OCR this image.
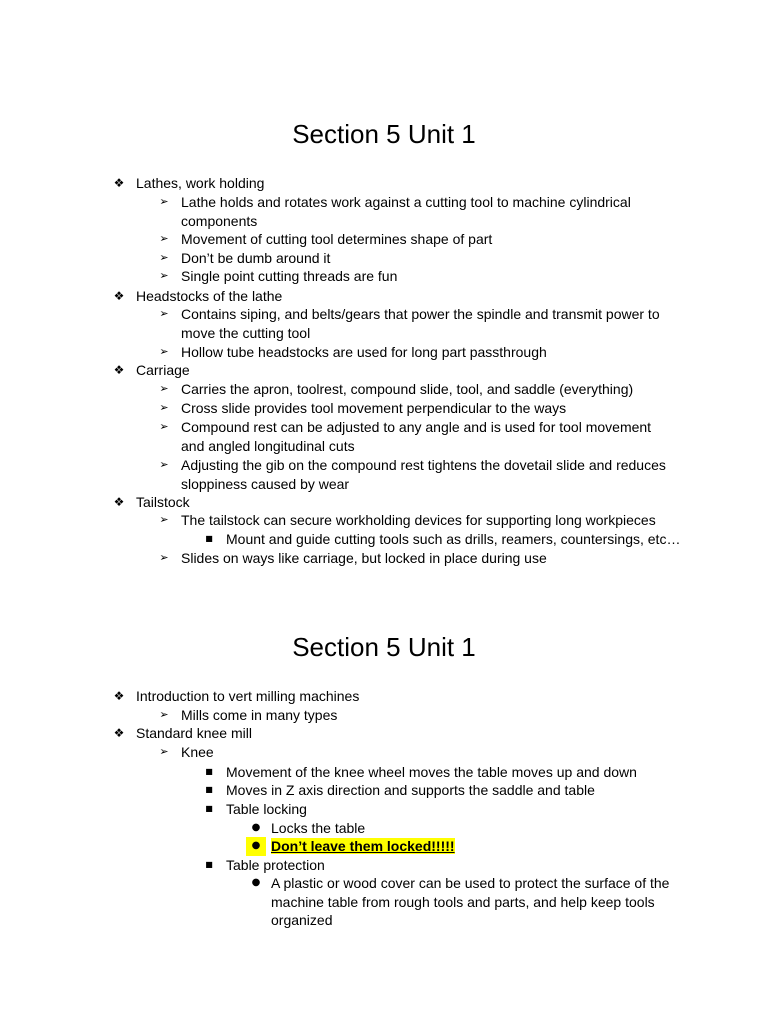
Section 5 Unit 1
❖ Lathes, work holding
➢ Lathe holds and rotates work against a cutting tool to machine cylindrical components
➢ Movement of cutting tool determines shape of part
➢ Don’t be dumb around it
➢ Single point cutting threads are fun
❖ Headstocks of the lathe
➢ Contains siping, and belts/gears that power the spindle and transmit power to move the cutting tool
➢ Hollow tube headstocks are used for long part passthrough
❖ Carriage
➢ Carries the apron, toolrest, compound slide, tool, and saddle (everything)
➢ Cross slide provides tool movement perpendicular to the ways
➢ Compound rest can be adjusted to any angle and is used for tool movement and angled longitudinal cuts
➢ Adjusting the gib on the compound rest tightens the dovetail slide and reduces sloppiness caused by wear
❖ Tailstock
➢ The tailstock can secure workholding devices for supporting long workpieces
■ Mount and guide cutting tools such as drills, reamers, countersings, etc…
➢ Slides on ways like carriage, but locked in place during use
Section 5 Unit 1
❖ Introduction to vert milling machines
➢ Mills come in many types
❖ Standard knee mill
➢ Knee
■ Movement of the knee wheel moves the table moves up and down
■ Moves in Z axis direction and supports the saddle and table
■ Table locking
● Locks the table
● Don’t leave them locked!!!!!
■ Table protection
● A plastic or wood cover can be used to protect the surface of the machine table from rough tools and parts, and help keep tools organized
